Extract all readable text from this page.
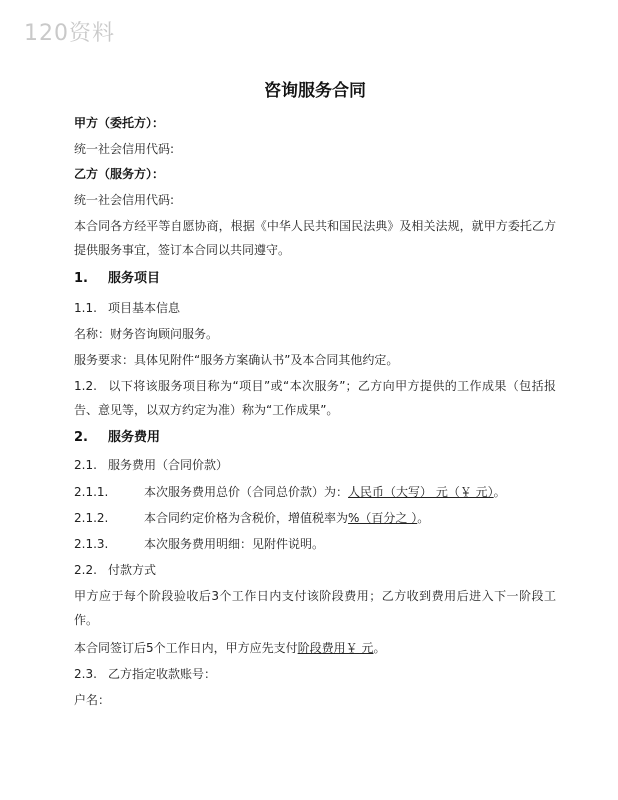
120资料
咨询服务合同
甲方（委托方）：
统一社会信用代码:
乙方（服务方）：
统一社会信用代码:
本合同各方经平等自愿协商，根据《中华人民共和国民法典》及相关法规，就甲方委托乙方提供服务事宜，签订本合同以共同遵守。
1. 服务项目
1.1. 项目基本信息
名称：财务咨询顾问服务。
服务要求：具体见附件“服务方案确认书”及本合同其他约定。
1.2. 以下将该服务项目称为“项目”或“本次服务”；乙方向甲方提供的工作成果（包括报告、意见等，以双方约定为准）称为“工作成果”。
2. 服务费用
2.1. 服务费用（合同价款）
2.1.1.	本次服务费用总价（合同总价款）为：人民币（大写） 元（￥ 元）。
2.1.2.	本合同约定价格为含税价，增值税率为%（百分之 ）。
2.1.3.	本次服务费用明细：见附件说明。
2.2. 付款方式
甲方应于每个阶段验收后3个工作日内支付该阶段费用；乙方收到费用后进入下一阶段工作。
本合同签订后5个工作日内，甲方应先支付阶段费用￥ 元。
2.3. 乙方指定收款账号：
户名：
